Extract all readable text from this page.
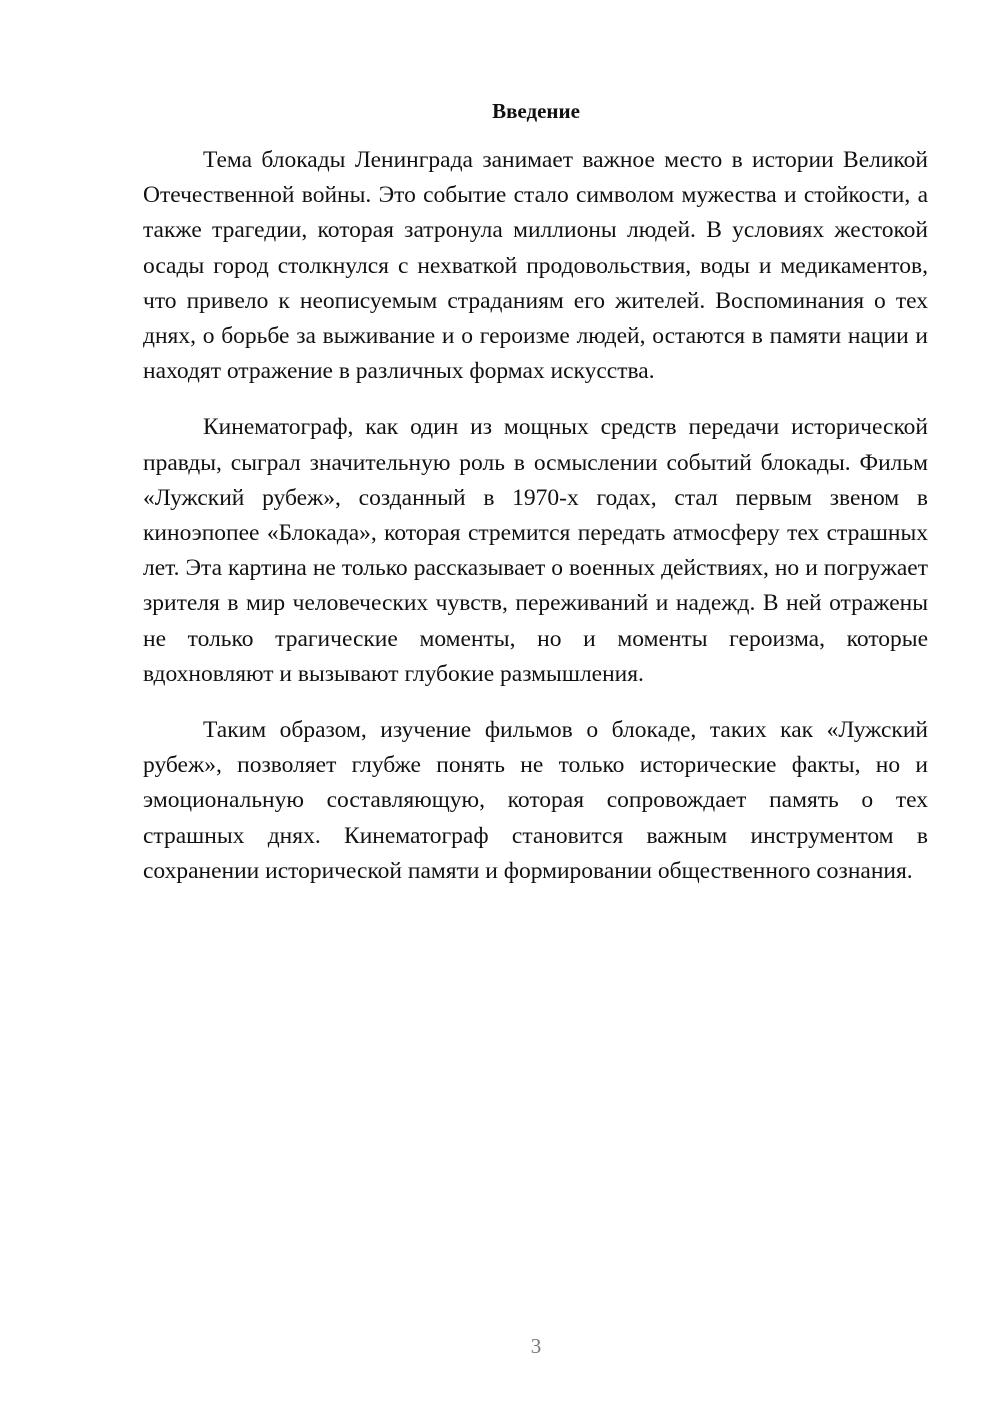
Введение

Тема блокады Ленинграда занимает важное место в истории Великой Отечественной войны. Это событие стало символом мужества и стойкости, а также трагедии, которая затронула миллионы людей. В условиях жестокой осады город столкнулся с нехваткой продовольствия, воды и медикаментов, что привело к неописуемым страданиям его жителей. Воспоминания о тех днях, о борьбе за выживание и о героизме людей, остаются в памяти нации и находят отражение в различных формах искусства.

Кинематограф, как один из мощных средств передачи исторической правды, сыграл значительную роль в осмыслении событий блокады. Фильм «Лужский рубеж», созданный в 1970-х годах, стал первым звеном в киноэпопее «Блокада», которая стремится передать атмосферу тех страшных лет. Эта картина не только рассказывает о военных действиях, но и погружает зрителя в мир человеческих чувств, переживаний и надежд. В ней отражены не только трагические моменты, но и моменты героизма, которые вдохновляют и вызывают глубокие размышления.

Таким образом, изучение фильмов о блокаде, таких как «Лужский рубеж», позволяет глубже понять не только исторические факты, но и эмоциональную составляющую, которая сопровождает память о тех страшных днях. Кинематограф становится важным инструментом в сохранении исторической памяти и формировании общественного сознания.

3
